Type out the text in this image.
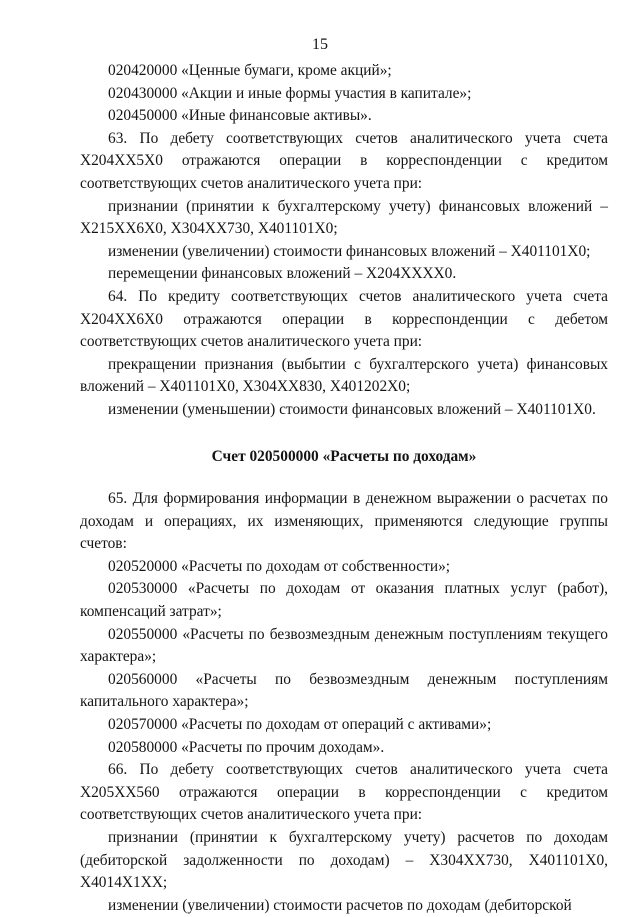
15

020420000 «Ценные бумаги, кроме акций»;

020430000 «Акции и иные формы участия в капитале»;

020450000 «Иные финансовые активы».

63. По дебету соответствующих счетов аналитического учета счета Х204ХХ5Х0 отражаются операции в корреспонденции с кредитом соответствующих счетов аналитического учета при:

признании (принятии к бухгалтерскому учету) финансовых вложений – Х215ХХ6Х0, Х304ХХ730, Х401101Х0;

изменении (увеличении) стоимости финансовых вложений – Х401101Х0;

перемещении финансовых вложений – Х204ХХХХ0.

64. По кредиту соответствующих счетов аналитического учета счета Х204ХХ6Х0 отражаются операции в корреспонденции с дебетом соответствующих счетов аналитического учета при:

прекращении признания (выбытии с бухгалтерского учета) финансовых вложений – Х401101Х0, Х304ХХ830, Х401202Х0;

изменении (уменьшении) стоимости финансовых вложений – Х401101Х0.

Счет 020500000 «Расчеты по доходам»

65. Для формирования информации в денежном выражении о расчетах по доходам и операциях, их изменяющих, применяются следующие группы счетов:

020520000 «Расчеты по доходам от собственности»;

020530000 «Расчеты по доходам от оказания платных услуг (работ), компенсаций затрат»;

020550000 «Расчеты по безвозмездным денежным поступлениям текущего характера»;

020560000 «Расчеты по безвозмездным денежным поступлениям капитального характера»;

020570000 «Расчеты по доходам от операций с активами»;

020580000 «Расчеты по прочим доходам».

66. По дебету соответствующих счетов аналитического учета счета Х205ХХ560 отражаются операции в корреспонденции с кредитом соответствующих счетов аналитического учета при:

признании (принятии к бухгалтерскому учету) расчетов по доходам (дебиторской задолженности по доходам) – Х304ХХ730, Х401101Х0, Х4014Х1ХХ;

изменении (увеличении) стоимости расчетов по доходам (дебиторской
